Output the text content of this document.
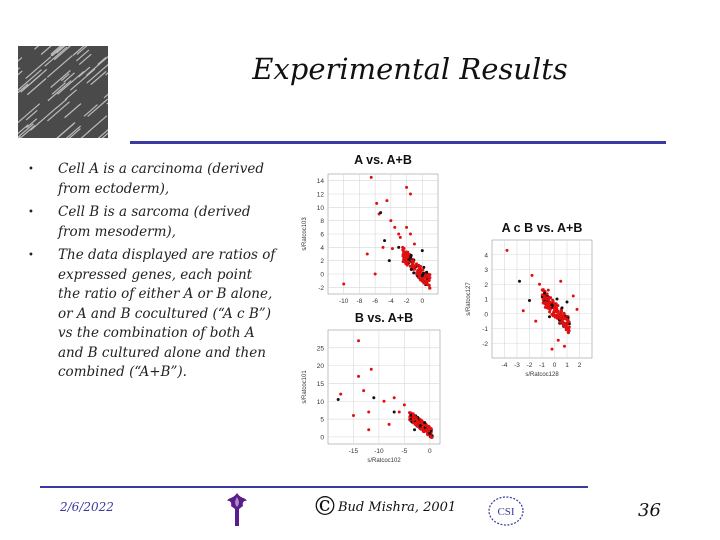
Experimental Results
• Cell A is a carcinoma (derived from ectoderm),
• Cell B is a sarcoma (derived from mesoderm),
• The data displayed are ratios of expressed genes, each point the ratio of either A or B alone, or A and B cocultured (“A c B”) vs the combination of both A and B cultured alone and then combined (“A+B”).
A vs. A+B
-10 -8 -6 -4 -2 0
14
12
10
8
6
4
2
0
-2
s/Ratcoc103	A c B vs. A+B
-4 -3 -2 -1 0 1 2
4
3
2
1
0
-1
-2
s/Ratcoc128
s/Ratcoc127
B vs. A+B
-15 -10	-5	0
25
20
15
10
5
0
s/Ratcoc102
s/Ratcoc101
2/6/2022	©Bud Mishra, 2001	CSI	36
